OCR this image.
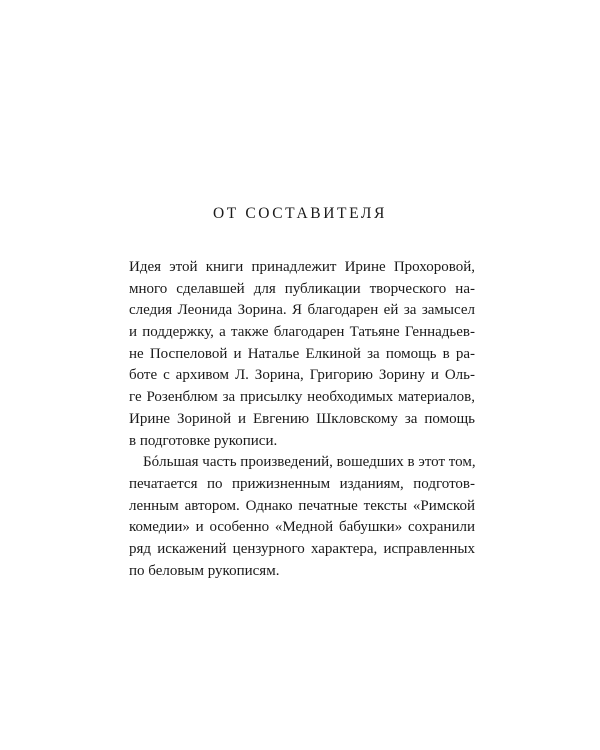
ОТ СОСТАВИТЕЛЯ
Идея этой книги принадлежит Ирине Прохоровой,
много сделавшей для публикации творческого на-
следия Леонида Зорина. Я благодарен ей за замысел
и поддержку, а также благодарен Татьяне Геннадьев-
не Поспеловой и Наталье Елкиной за помощь в ра-
боте с архивом Л. Зорина, Григорию Зорину и Оль-
ге Розенблюм за присылку необходимых материалов,
Ирине Зориной и Евгению Шкловскому за помощь
в подготовке рукописи.
Бóльшая часть произведений, вошедших в этот том,
печатается по прижизненным изданиям, подготов-
ленным автором. Однако печатные тексты «Римской
комедии» и особенно «Медной бабушки» сохранили
ряд искажений цензурного характера, исправленных
по беловым рукописям.
